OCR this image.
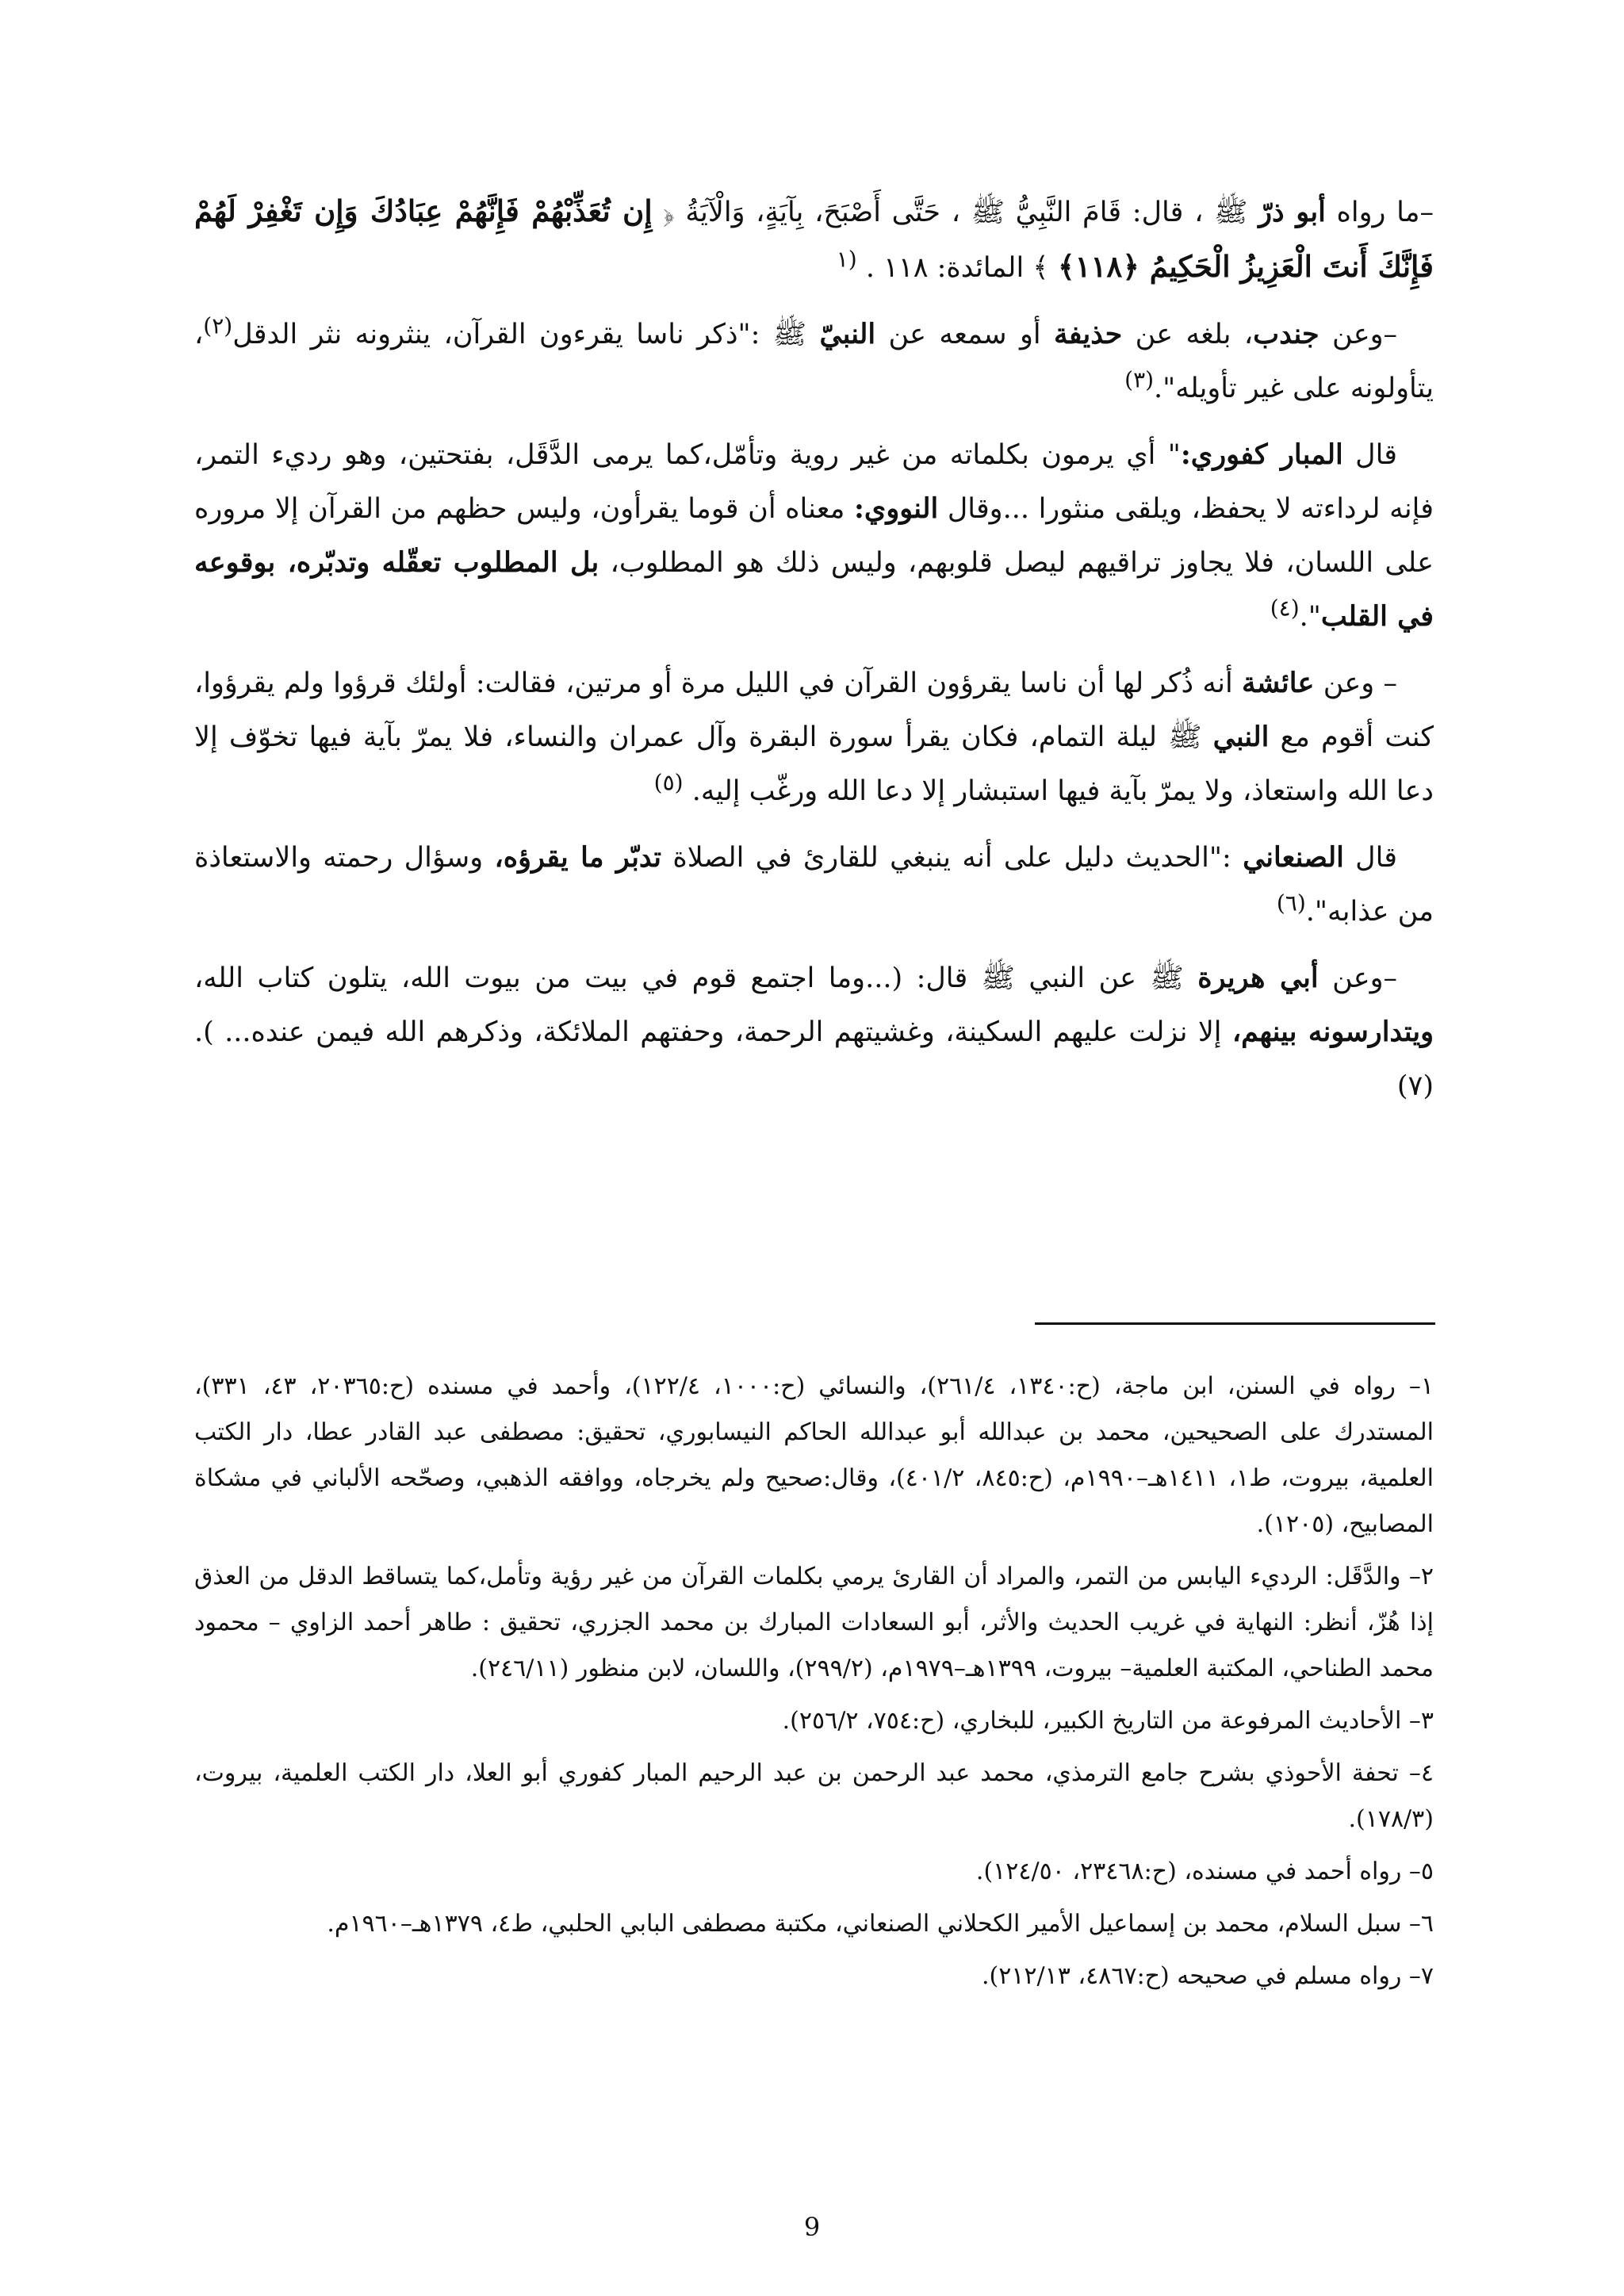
–ما رواه أبو ذرّ ﷺ ، قال: قَامَ النَّبِيُّ ﷺ ، حَتَّى أَصْبَحَ، بِآيَةٍ، وَالْآيَةُ ﴿ إِن تُعَذِّبْهُمْ فَإِنَّهُمْ عِبَادُكَ وَإِن تَغْفِرْ لَهُمْ فَإِنَّكَ أَنتَ الْعَزِيزُ الْحَكِيمُ ﴿١١٨﴾ ﴾ المائدة: ١١٨ . $^{(١}$

–وعن جندب، بلغه عن حذيفة أو سمعه عن النبيّ ﷺ :"ذكر ناسا يقرءون القرآن، ينثرونه نثر الدقل$^{(٢)}$، يتأولونه على غير تأويله".$^{(٣)}$

قال المبار كفوري:" أي يرمون بكلماته من غير روية وتأمّل،كما يرمى الدَّقَل، بفتحتين، وهو رديء التمر، فإنه لرداءته لا يحفظ، ويلقى منثورا ...وقال النووي: معناه أن قوما يقرأون، وليس حظهم من القرآن إلا مروره على اللسان، فلا يجاوز تراقيهم ليصل قلوبهم، وليس ذلك هو المطلوب، بل المطلوب تعقّله وتدبّره، بوقوعه في القلب".$^{(٤)}$

– وعن عائشة أنه ذُكر لها أن ناسا يقرؤون القرآن في الليل مرة أو مرتين، فقالت: أولئك قرؤوا ولم يقرؤوا، كنت أقوم مع النبي ﷺ ليلة التمام، فكان يقرأ سورة البقرة وآل عمران والنساء، فلا يمرّ بآية فيها تخوّف إلا دعا الله واستعاذ، ولا يمرّ بآية فيها استبشار إلا دعا الله ورغّب إليه. $^{(٥)}$

قال الصنعاني :"الحديث دليل على أنه ينبغي للقارئ في الصلاة تدبّر ما يقرؤه، وسؤال رحمته والاستعاذة من عذابه".$^{(٦)}$

–وعن أبي هريرة ﷺ عن النبي ﷺ قال: (...وما اجتمع قوم في بيت من بيوت الله، يتلون كتاب الله، ويتدارسونه بينهم، إلا نزلت عليهم السكينة، وغشيتهم الرحمة، وحفتهم الملائكة، وذكرهم الله فيمن عنده... ). (٧)

١– رواه في السنن، ابن ماجة، (ح:١٣٤٠، ٢٦١/٤)، والنسائي (ح:١٠٠٠، ١٢٢/٤)، وأحمد في مسنده (ح:٢٠٣٦٥، ٤٣، ٣٣١)، المستدرك على الصحيحين، محمد بن عبدالله أبو عبدالله الحاكم النيسابوري، تحقيق: مصطفى عبد القادر عطا، دار الكتب العلمية، بيروت، ط١، ١٤١١هـ–١٩٩٠م، (ح:٨٤٥، ٤٠١/٢)، وقال:صحيح ولم يخرجاه، ووافقه الذهبي، وصحّحه الألباني في مشكاة المصابيح، (١٢٠٥).

٢– والدَّقَل: الرديء اليابس من التمر، والمراد أن القارئ يرمي بكلمات القرآن من غير رؤية وتأمل،كما يتساقط الدقل من العذق إذا هُزّ، أنظر: النهاية في غريب الحديث والأثر، أبو السعادات المبارك بن محمد الجزري، تحقيق : طاهر أحمد الزاوي – محمود محمد الطناحي، المكتبة العلمية– بيروت، ١٣٩٩هـ–١٩٧٩م، (٢٩٩/٢)، واللسان، لابن منظور (٢٤٦/١١).

٣– الأحاديث المرفوعة من التاريخ الكبير، للبخاري، (ح:٧٥٤، ٢٥٦/٢).

٤– تحفة الأحوذي بشرح جامع الترمذي، محمد عبد الرحمن بن عبد الرحيم المبار كفوري أبو العلا، دار الكتب العلمية، بيروت، (١٧٨/٣).

٥– رواه أحمد في مسنده، (ح:٢٣٤٦٨، ١٢٤/٥٠).

٦– سبل السلام، محمد بن إسماعيل الأمير الكحلاني الصنعاني، مكتبة مصطفى البابي الحلبي، ط٤، ١٣٧٩هـ–١٩٦٠م.

٧– رواه مسلم في صحيحه (ح:٤٨٦٧، ٢١٢/١٣).

9
